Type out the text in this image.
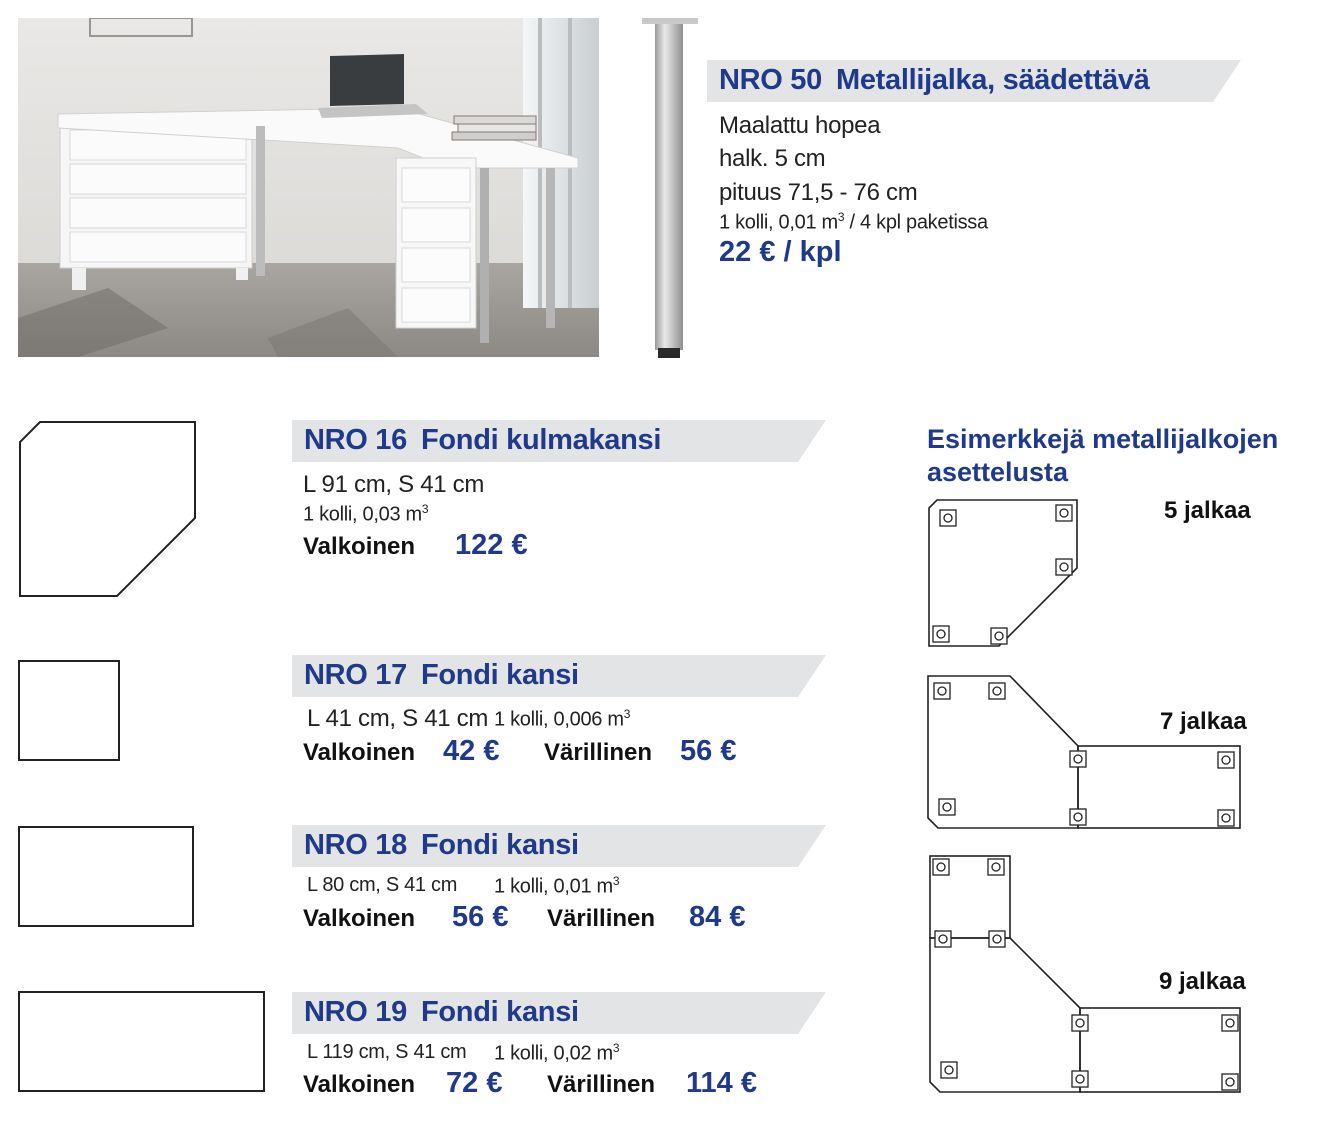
NRO 50 Metallijalka, säädettävä
Maalattu hopea
halk. 5 cm
pituus 71,5 - 76 cm
1 kolli, 0,01 $m^3 / 4$ kpl paketissa
22 € / kpl
NRO 16 Fondi kulmakansi
L 91 cm, S 41 cm
1 kolli, 0,03 $m^3$
Valkoinen 122 €
NRO 17 Fondi kansi
L 41 cm, S 41 cm 1 kolli, 0,006 $m^3$
Valkoinen 42 € Värillinen 56 €
NRO 18 Fondi kansi
L 80 cm, S 41 cm 1 kolli, 0,01 $m^3$
Valkoinen 56 € Värillinen 84 €
NRO 19 Fondi kansi
L 119 cm, S 41 cm 1 kolli, 0,02 $m^3$
Valkoinen 72 € Värillinen 114 €
Esimerkkejä metallijalkojen
asettelusta
5 jalkaa
7 jalkaa
9 jalkaa
